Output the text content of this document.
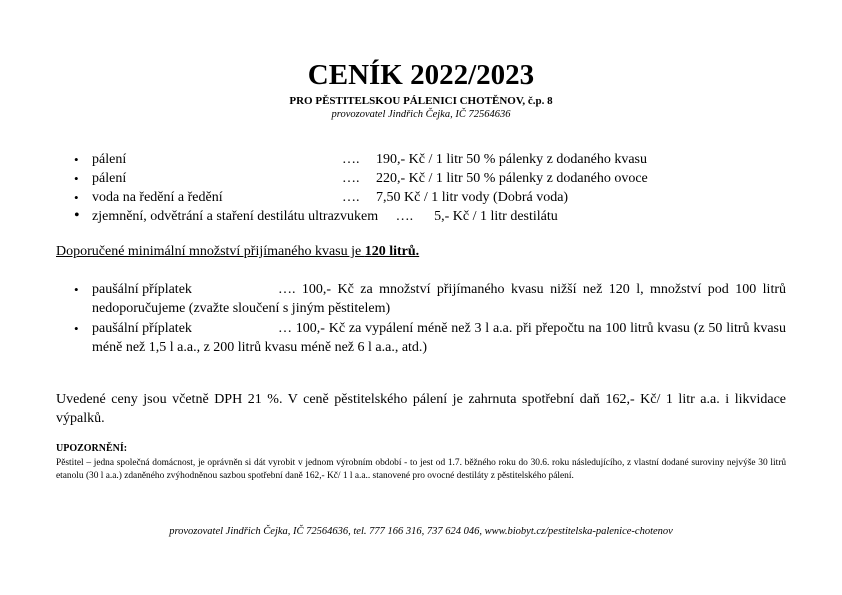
CENÍK 2022/2023
PRO PĚSTITELSKOU PÁLENICI CHOTĚNOV, č.p. 8
provozovatel Jindřich Čejka, IČ 72564636
• pálení	…. 190,- Kč / 1 litr 50 % pálenky z dodaného kvasu
• pálení	…. 220,- Kč / 1 litr 50 % pálenky z dodaného ovoce
• voda na ředění a ředění	…. 7,50 Kč / 1 litr vody (Dobrá voda)
• zjemnění, odvětrání a staření destilátu ultrazvukem     ….      5,- Kč / 1 litr destilátu
Doporučené minimální množství přijímaného kvasu je 120 litrů.
• paušální příplatek	…. 100,- Kč za množství přijímaného kvasu nižší než 120 l, množství pod 100 litrů nedoporučujeme (zvažte sloučení s jiným pěstitelem)
• paušální příplatek	… 100,- Kč za vypálení méně než 3 l a.a. při přepočtu na 100 litrů kvasu (z 50 litrů kvasu méně než 1,5 l a.a., z 200 litrů kvasu méně než 6 l a.a., atd.)
Uvedené ceny jsou včetně DPH 21 %. V ceně pěstitelského pálení je zahrnuta spotřební daň 162,- Kč/ 1 litr a.a. i likvidace výpalků.
UPOZORNĚNÍ:
Pěstitel – jedna společná domácnost, je oprávněn si dát vyrobit v jednom výrobním období - to jest od 1.7. běžného roku do 30.6. roku následujícího, z vlastní dodané suroviny nejvýše 30 litrů etanolu (30 l a.a.) zdaněného zvýhodněnou sazbou spotřební daně 162,- Kč/ 1 l a.a.. stanovené pro ovocné destiláty z pěstitelského pálení.
provozovatel Jindřich Čejka, IČ 72564636, tel. 777 166 316, 737 624 046, www.biobyt.cz/pestitelska-palenice-chotenov
